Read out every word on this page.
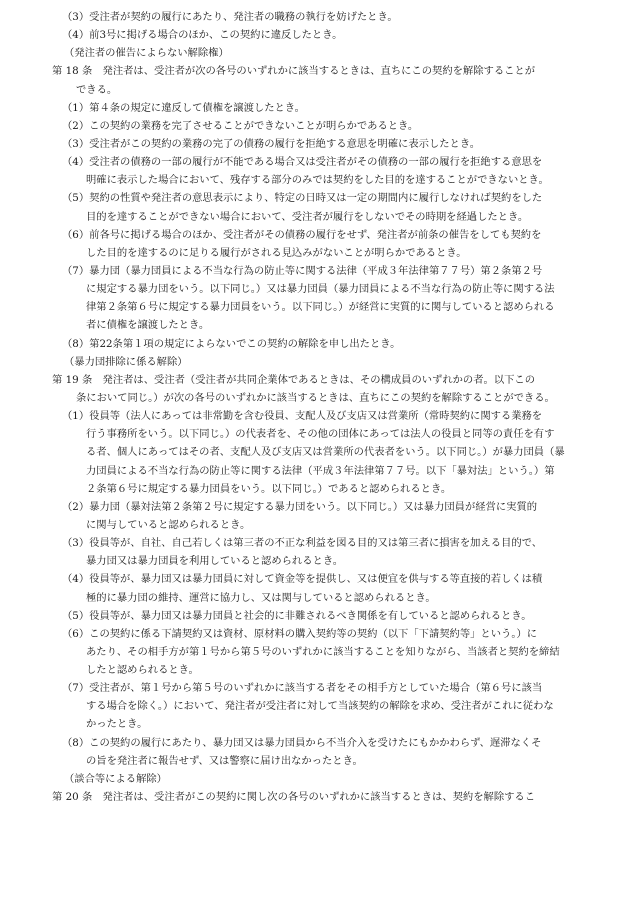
（3）受注者が契約の履行にあたり、発注者の職務の執行を妨げたとき。
（4）前3号に掲げる場合のほか、この契約に違反したとき。
（発注者の催告によらない解除権）
第 18 条　発注者は、受注者が次の各号のいずれかに該当するときは、直ちにこの契約を解除することが
できる。
（1）第４条の規定に違反して債権を譲渡したとき。
（2）この契約の業務を完了させることができないことが明らかであるとき。
（3）受注者がこの契約の業務の完了の債務の履行を拒絶する意思を明確に表示したとき。
（4）受注者の債務の一部の履行が不能である場合又は受注者がその債務の一部の履行を拒絶する意思を
明確に表示した場合において、残存する部分のみでは契約をした目的を達することができないとき。
（5）契約の性質や発注者の意思表示により、特定の日時又は一定の期間内に履行しなければ契約をした
目的を達することができない場合において、受注者が履行をしないでその時期を経過したとき。
（6）前各号に掲げる場合のほか、受注者がその債務の履行をせず、発注者が前条の催告をしても契約を
した目的を達するのに足りる履行がされる見込みがないことが明らかであるとき。
（7）暴力団（暴力団員による不当な行為の防止等に関する法律（平成３年法律第７７号）第２条第２号
に規定する暴力団をいう。以下同じ。）又は暴力団員（暴力団員による不当な行為の防止等に関する法
律第２条第６号に規定する暴力団員をいう。以下同じ。）が経営に実質的に関与していると認められる
者に債権を譲渡したとき。
（8）第22条第１項の規定によらないでこの契約の解除を申し出たとき。
（暴力団排除に係る解除）
第 19 条　発注者は、受注者（受注者が共同企業体であるときは、その構成員のいずれかの者。以下この
条において同じ。）が次の各号のいずれかに該当するときは、直ちにこの契約を解除することができる。
（1）役員等（法人にあっては非常勤を含む役員、支配人及び支店又は営業所（常時契約に関する業務を
行う事務所をいう。以下同じ。）の代表者を、その他の団体にあっては法人の役員と同等の責任を有す
る者、個人にあってはその者、支配人及び支店又は営業所の代表者をいう。以下同じ。）が暴力団員（暴
力団員による不当な行為の防止等に関する法律（平成３年法律第７７号。以下「暴対法」という。）第
２条第６号に規定する暴力団員をいう。以下同じ。）であると認められるとき。
（2）暴力団（暴対法第２条第２号に規定する暴力団をいう。以下同じ。）又は暴力団員が経営に実質的
に関与していると認められるとき。
（3）役員等が、自社、自己若しくは第三者の不正な利益を図る目的又は第三者に損害を加える目的で、
暴力団又は暴力団員を利用していると認められるとき。
（4）役員等が、暴力団又は暴力団員に対して資金等を提供し、又は便宜を供与する等直接的若しくは積
極的に暴力団の維持、運営に協力し、又は関与していると認められるとき。
（5）役員等が、暴力団又は暴力団員と社会的に非難されるべき関係を有していると認められるとき。
（6）この契約に係る下請契約又は資材、原材料の購入契約等の契約（以下「下請契約等」という。）に
あたり、その相手方が第１号から第５号のいずれかに該当することを知りながら、当該者と契約を締結
したと認められるとき。
（7）受注者が、第１号から第５号のいずれかに該当する者をその相手方としていた場合（第６号に該当
する場合を除く。）において、発注者が受注者に対して当該契約の解除を求め、受注者がこれに従わな
かったとき。
（8）この契約の履行にあたり、暴力団又は暴力団員から不当介入を受けたにもかかわらず、遅滞なくそ
の旨を発注者に報告せず、又は警察に届け出なかったとき。
（談合等による解除）
第 20 条　発注者は、受注者がこの契約に関し次の各号のいずれかに該当するときは、契約を解除するこ
